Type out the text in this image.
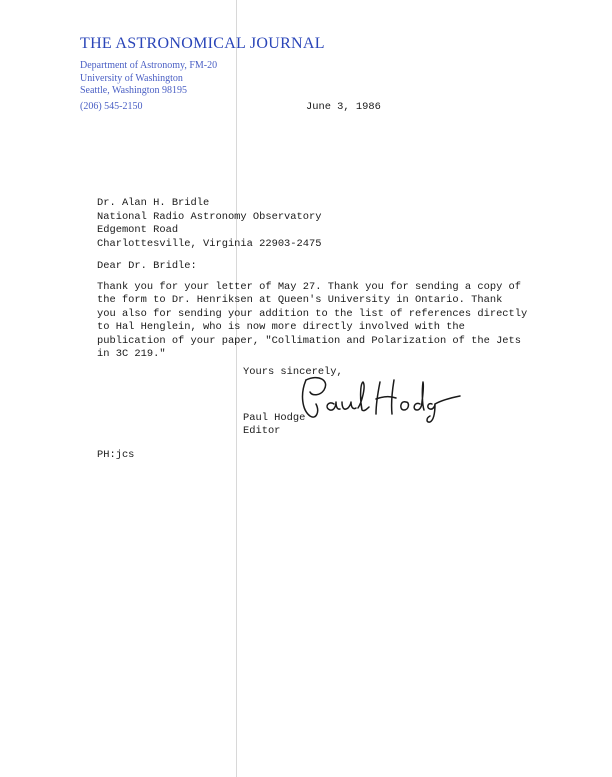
THE ASTRONOMICAL JOURNAL
Department of Astronomy, FM-20
University of Washington
Seattle, Washington 98195
(206) 545-2150	June 3, 1986
Dr. Alan H. Bridle
National Radio Astronomy Observatory
Edgemont Road
Charlottesville, Virginia 22903-2475
Dear Dr. Bridle:
Thank you for your letter of May 27. Thank you for sending a copy of
the form to Dr. Henriksen at Queen's University in Ontario. Thank
you also for sending your addition to the list of references directly
to Hal Henglein, who is now more directly involved with the
publication of your paper, "Collimation and Polarization of the Jets
in 3C 219."
Yours sincerely,
Paul Hodge
Editor
PH:jcs
